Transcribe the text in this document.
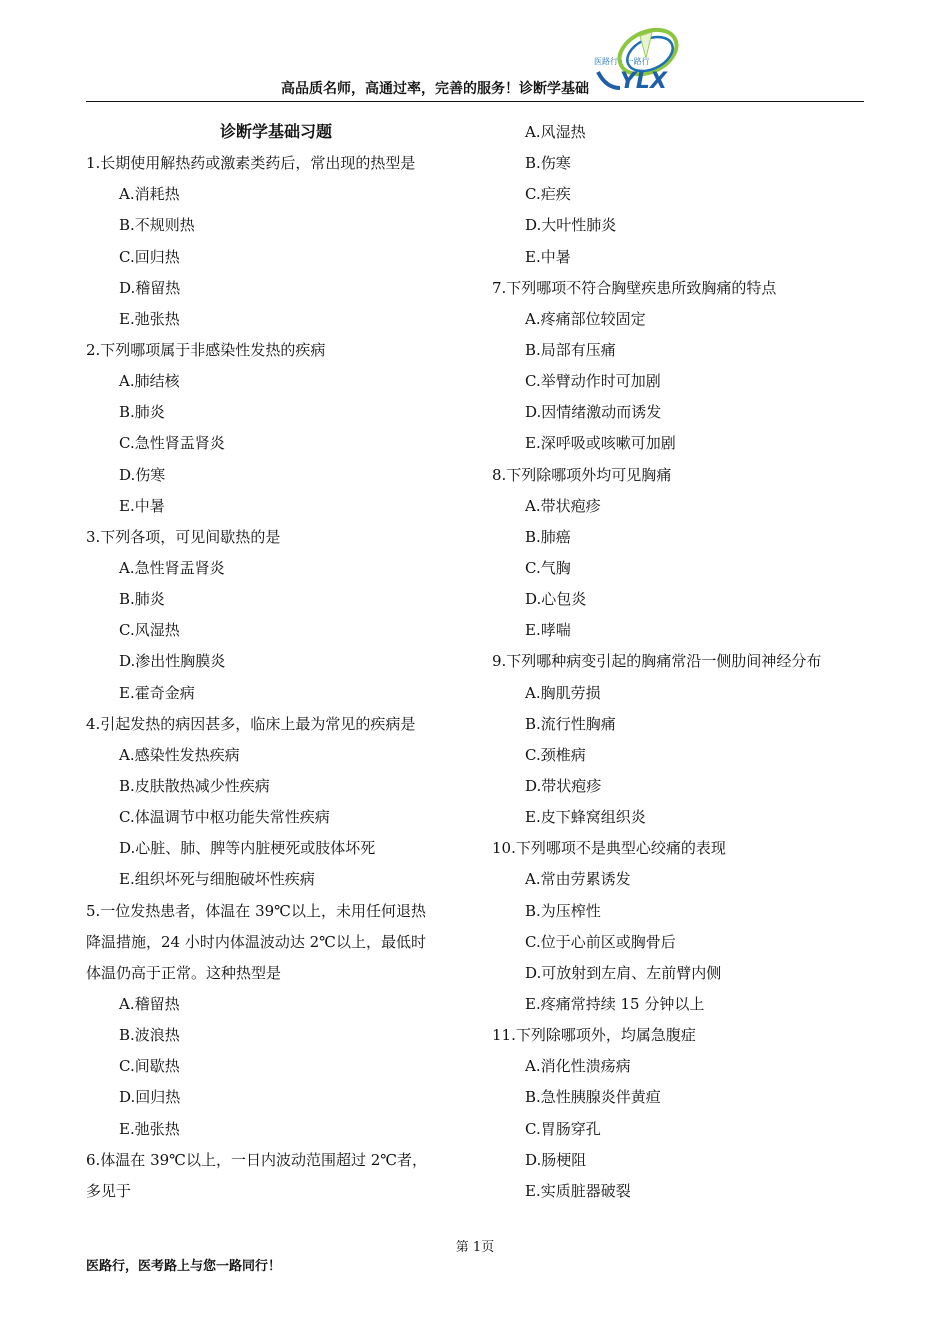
医路行 · 一路行
YLX
高品质名师，高通过率，完善的服务！诊断学基础
诊断学基础习题
1.长期使用解热药或激素类药后，常出现的热型是
A.消耗热
B.不规则热
C.回归热
D.稽留热
E.弛张热
2.下列哪项属于非感染性发热的疾病
A.肺结核
B.肺炎
C.急性肾盂肾炎
D.伤寒
E.中暑
3.下列各项，可见间歇热的是
A.急性肾盂肾炎
B.肺炎
C.风湿热
D.渗出性胸膜炎
E.霍奇金病
4.引起发热的病因甚多，临床上最为常见的疾病是
A.感染性发热疾病
B.皮肤散热减少性疾病
C.体温调节中枢功能失常性疾病
D.心脏、肺、脾等内脏梗死或肢体坏死
E.组织坏死与细胞破坏性疾病
5.一位发热患者，体温在 39℃以上，未用任何退热
降温措施，24 小时内体温波动达 2℃以上，最低时
体温仍高于正常。这种热型是
A.稽留热
B.波浪热
C.间歇热
D.回归热
E.弛张热
6.体温在 39℃以上，一日内波动范围超过 2℃者，
多见于
A.风湿热
B.伤寒
C.疟疾
D.大叶性肺炎
E.中暑
7.下列哪项不符合胸壁疾患所致胸痛的特点
A.疼痛部位较固定
B.局部有压痛
C.举臂动作时可加剧
D.因情绪激动而诱发
E.深呼吸或咳嗽可加剧
8.下列除哪项外均可见胸痛
A.带状疱疹
B.肺癌
C.气胸
D.心包炎
E.哮喘
9.下列哪种病变引起的胸痛常沿一侧肋间神经分布
A.胸肌劳损
B.流行性胸痛
C.颈椎病
D.带状疱疹
E.皮下蜂窝组织炎
10.下列哪项不是典型心绞痛的表现
A.常由劳累诱发
B.为压榨性
C.位于心前区或胸骨后
D.可放射到左肩、左前臂内侧
E.疼痛常持续 15 分钟以上
11.下列除哪项外，均属急腹症
A.消化性溃疡病
B.急性胰腺炎伴黄疸
C.胃肠穿孔
D.肠梗阻
E.实质脏器破裂
第 1页
医路行，医考路上与您一路同行！
